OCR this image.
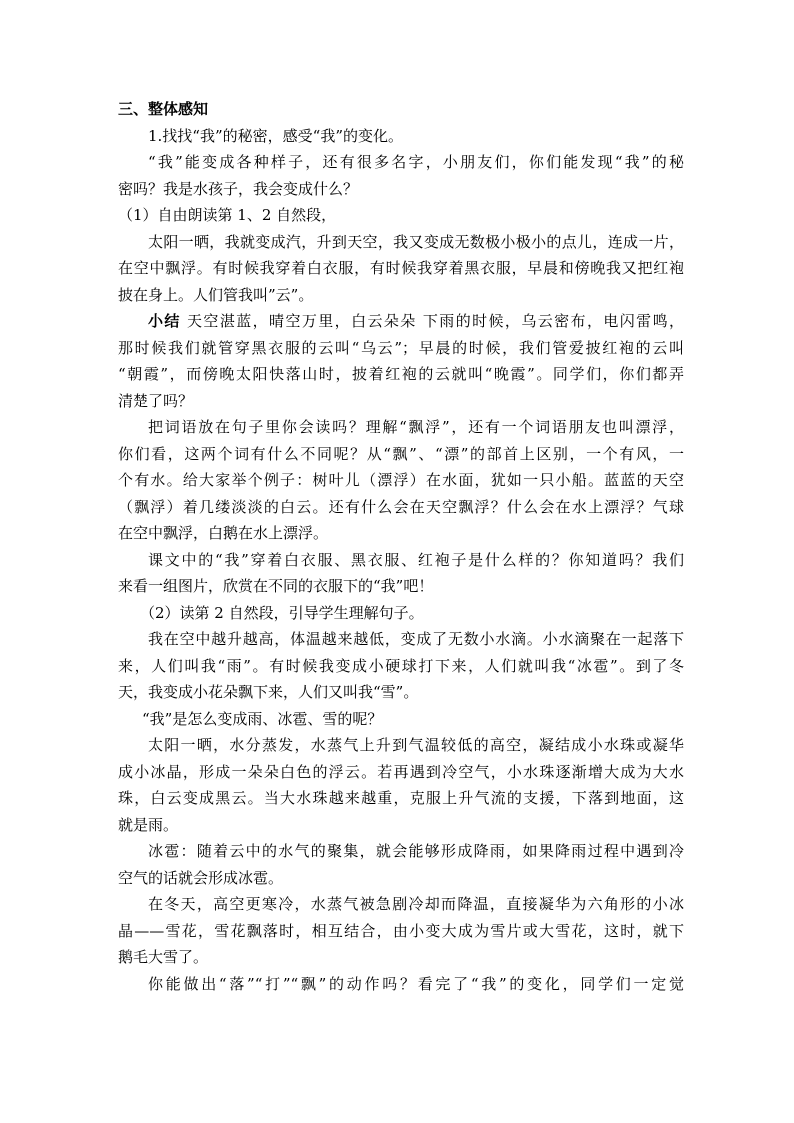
三、整体感知
1.找找“我”的秘密，感受“我”的变化。
“我”能变成各种样子，还有很多名字，小朋友们，你们能发现“我”的秘
密吗？我是水孩子，我会变成什么？
（1）自由朗读第 1、2 自然段，
太阳一晒，我就变成汽，升到天空，我又变成无数极小极小的点儿，连成一片，
在空中飘浮。有时候我穿着白衣服，有时候我穿着黑衣服，早晨和傍晚我又把红袍
披在身上。人们管我叫”云”。
小结 天空湛蓝，晴空万里，白云朵朵 下雨的时候，乌云密布，电闪雷鸣，
那时候我们就管穿黑衣服的云叫“乌云”；早晨的时候，我们管爱披红袍的云叫
“朝霞”，而傍晚太阳快落山时，披着红袍的云就叫“晚霞”。同学们，你们都弄
清楚了吗？
把词语放在句子里你会读吗？理解“飘浮”，还有一个词语朋友也叫漂浮，
你们看，这两个词有什么不同呢？从“飘”、“漂”的部首上区别，一个有风，一
个有水。给大家举个例子：树叶儿（漂浮）在水面，犹如一只小船。蓝蓝的天空
（飘浮）着几缕淡淡的白云。还有什么会在天空飘浮？什么会在水上漂浮？气球
在空中飘浮，白鹅在水上漂浮。
课文中的“我”穿着白衣服、黑衣服、红袍子是什么样的？你知道吗？我们
来看一组图片，欣赏在不同的衣服下的“我”吧！
（2）读第 2 自然段，引导学生理解句子。
我在空中越升越高，体温越来越低，变成了无数小水滴。小水滴聚在一起落下
来，人们叫我“雨”。有时候我变成小硬球打下来，人们就叫我“冰雹”。到了冬
天，我变成小花朵飘下来，人们又叫我“雪”。
“我”是怎么变成雨、冰雹、雪的呢？
太阳一晒，水分蒸发，水蒸气上升到气温较低的高空，凝结成小水珠或凝华
成小冰晶，形成一朵朵白色的浮云。若再遇到冷空气，小水珠逐渐增大成为大水
珠，白云变成黑云。当大水珠越来越重，克服上升气流的支援，下落到地面，这
就是雨。
冰雹：随着云中的水气的聚集，就会能够形成降雨，如果降雨过程中遇到冷
空气的话就会形成冰雹。
在冬天，高空更寒冷，水蒸气被急剧冷却而降温，直接凝华为六角形的小冰
晶——雪花，雪花飘落时，相互结合，由小变大成为雪片或大雪花，这时，就下
鹅毛大雪了。
你能做出“落”“打”“飘”的动作吗？看完了“我”的变化，同学们一定觉
